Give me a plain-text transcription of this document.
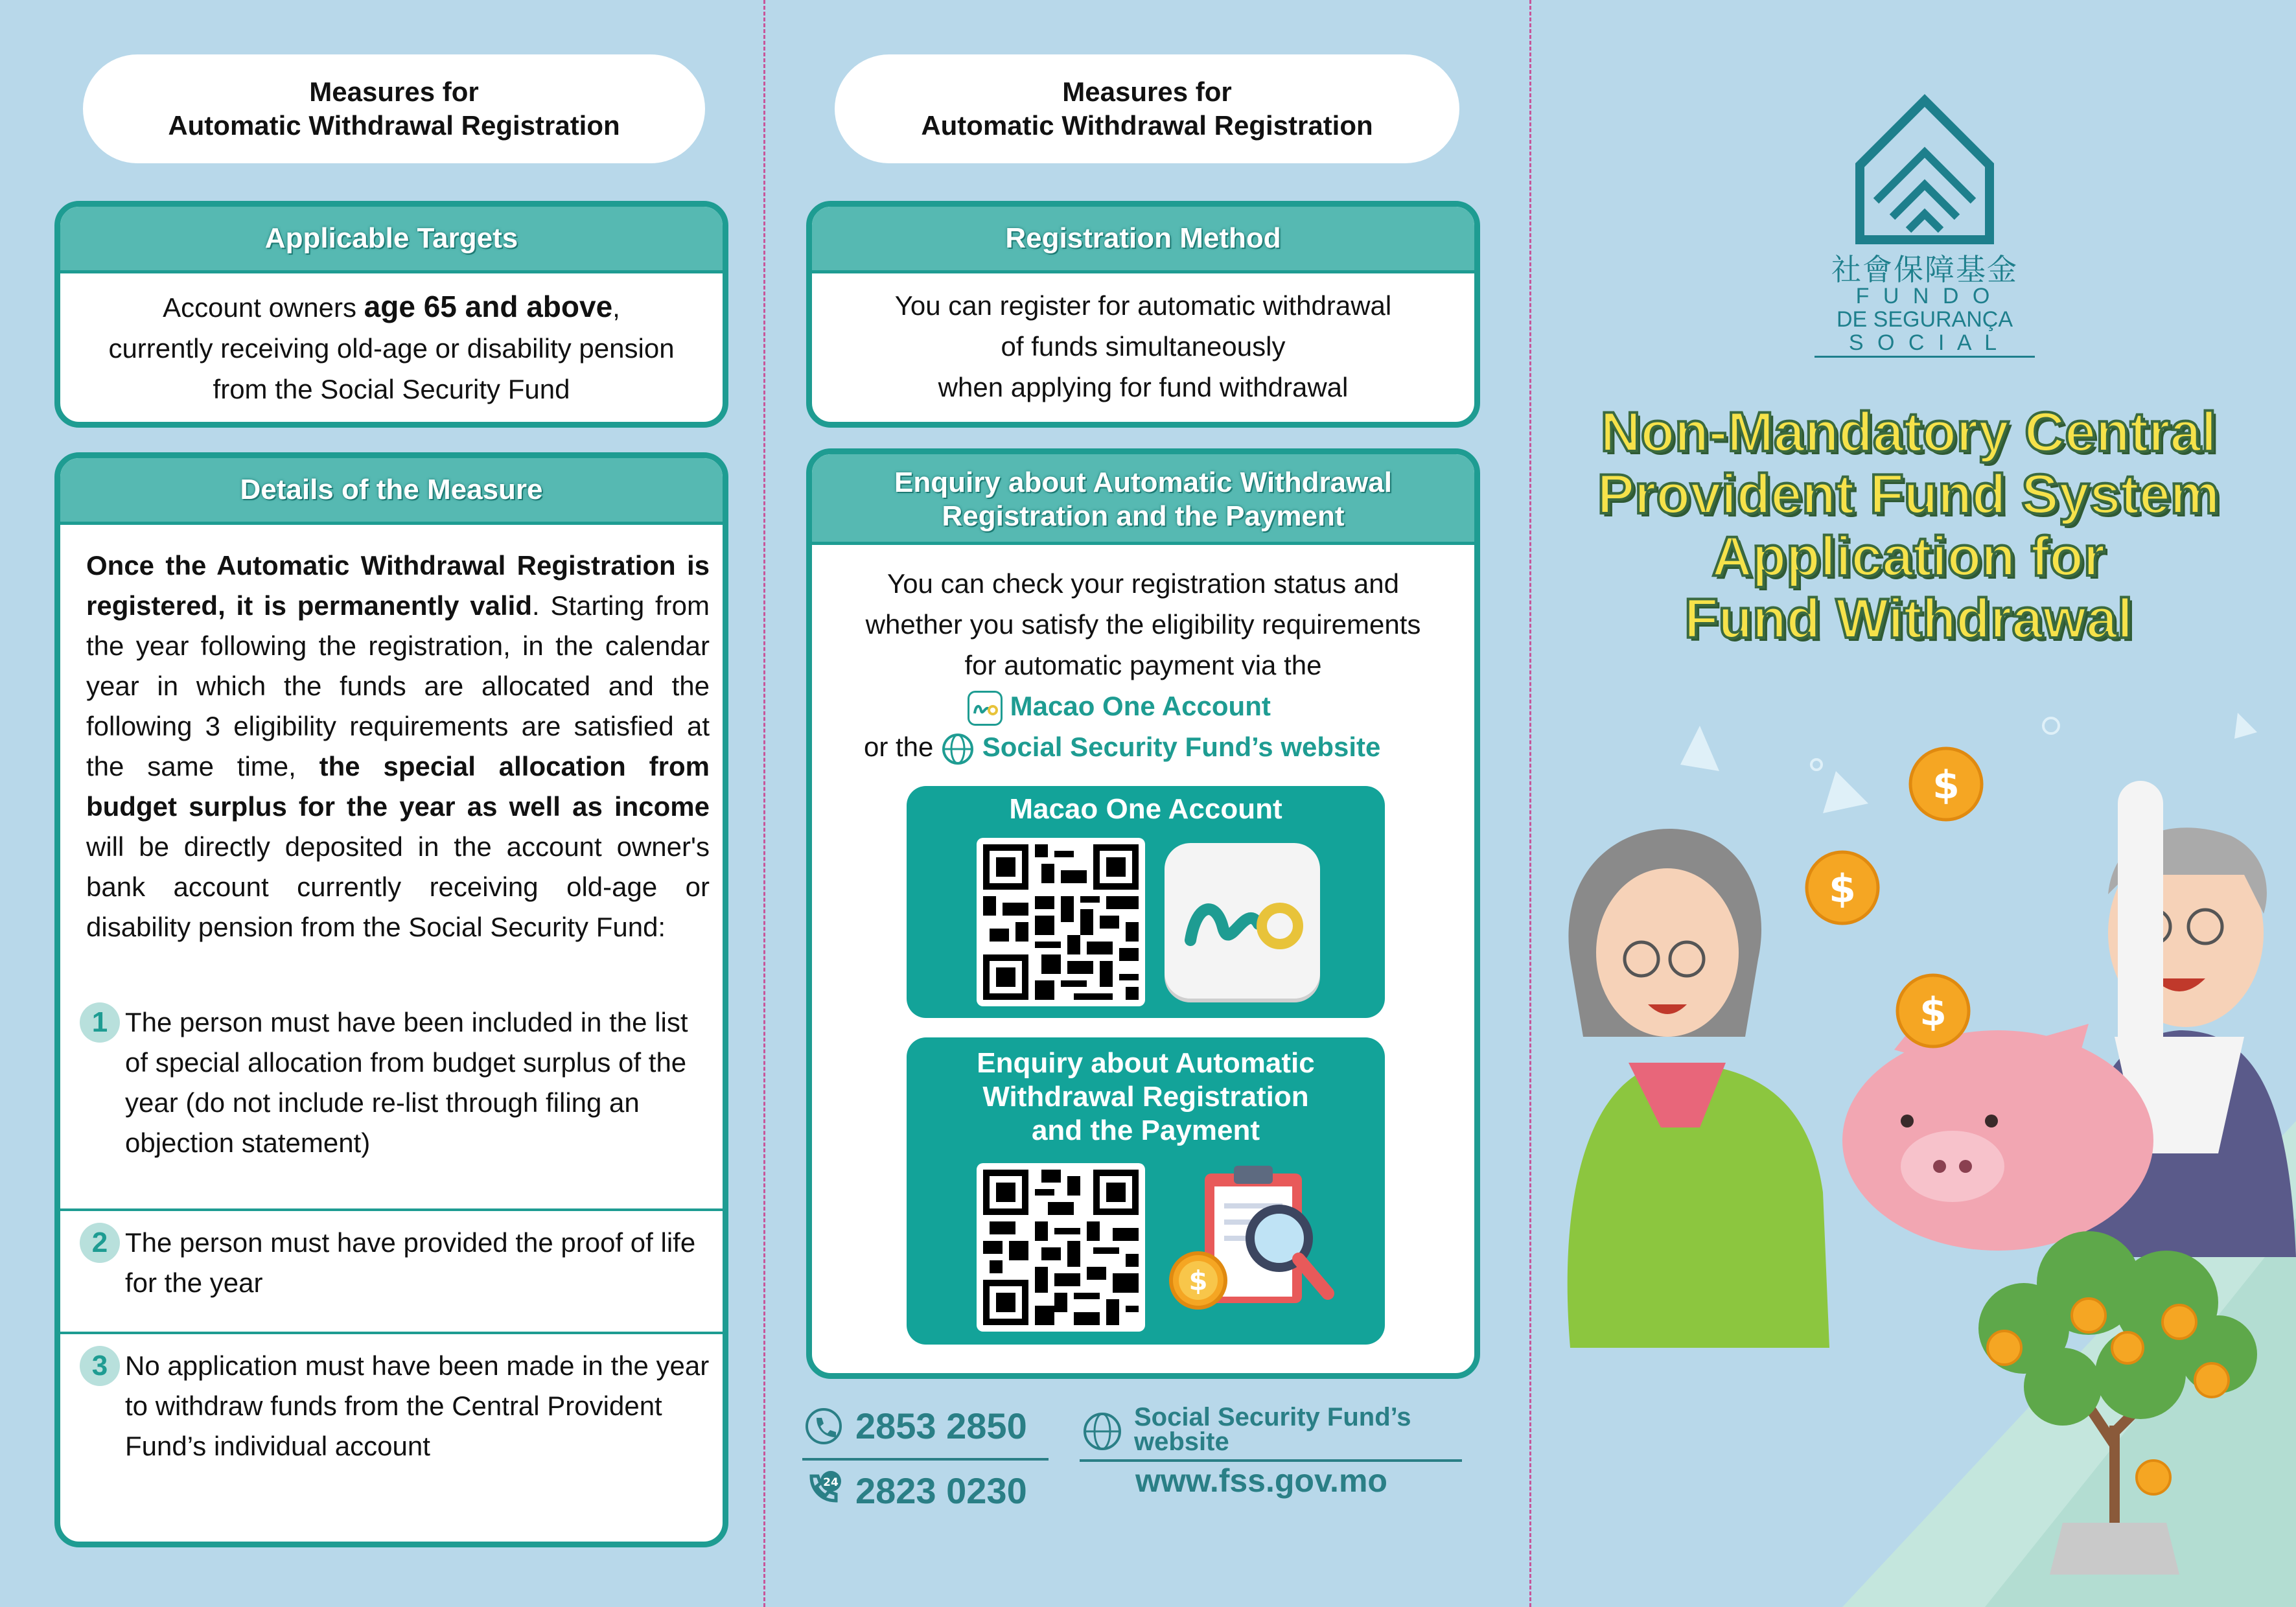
Measures for
Automatic Withdrawal Registration
Applicable Targets
Account owners age 65 and above,
currently receiving old-age or disability pension
from the Social Security Fund
Details of the Measure
Once the Automatic Withdrawal Registration is registered, it is permanently valid. Starting from the year following the registration, in the calendar year in which the funds are allocated and the following 3 eligibility requirements are satisfied at the same time, the special allocation from budget surplus for the year as well as income will be directly deposited in the account owner's bank account currently receiving old-age or disability pension from the Social Security Fund:
1 The person must have been included in the list of special allocation from budget surplus of the year (do not include re-list through filing an objection statement)
2 The person must have provided the proof of life for the year
3 No application must have been made in the year to withdraw funds from the Central Provident Fund’s individual account
Measures for
Automatic Withdrawal Registration
Registration Method
You can register for automatic withdrawal
of funds simultaneously
when applying for fund withdrawal
Enquiry about Automatic Withdrawal
Registration and the Payment
You can check your registration status and
whether you satisfy the eligibility requirements
for automatic payment via the
Macao One Account
or the Social Security Fund’s website
Macao One Account
Enquiry about Automatic
Withdrawal Registration
and the Payment
$
2853 2850
24 2823 0230
Social Security Fund’s
website
www.fss.gov.mo
社會保障基金
F U N D O
DE SEGURANÇA
S O C I A L
Non-Mandatory Central
Provident Fund System
Application for
Fund Withdrawal
$
$
$
